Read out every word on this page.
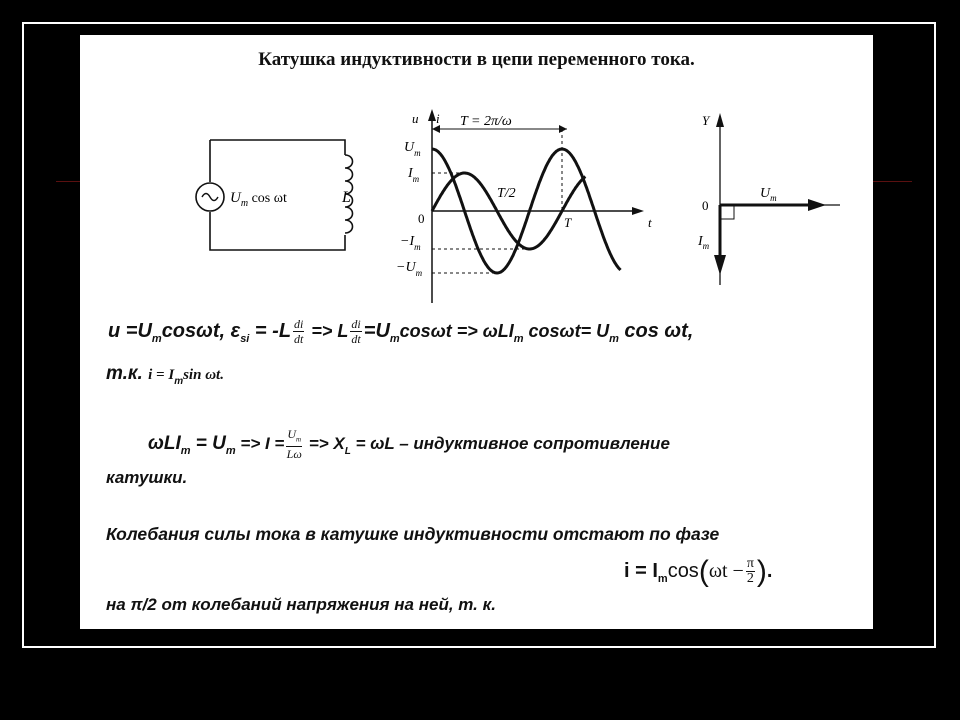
Катушка индуктивности в цепи переменного тока.
$U_m$ cos ωt	L
u i
t
T = 2π/ω
T/2
T
0
$U_m$
$I_m$
$-I_m$
$-U_m$
Y
0
$U_m$
$I_m$
$u =U_m\cos\omega t$, $\varepsilon_{si} = -L \frac{di}{dt} => L \frac{di}{dt} =U_m\cos\omega t => \omega LI_m$ $\cos\omega t= U_m$ cos ωt,
т.к. $i = I_m\sin$ ωt.
$\omega LI_m = U_m => I = \frac{U_m}{L\omega} => X_L = \omega L$ – индуктивное сопротивление
катушки.
Колебания силы тока в катушке индуктивности отстают по фазе
на π/2 от колебаний напряжения на ней, т. к.
$i = I_m\cos(\omega t - \frac{\pi}{2}$ ).
